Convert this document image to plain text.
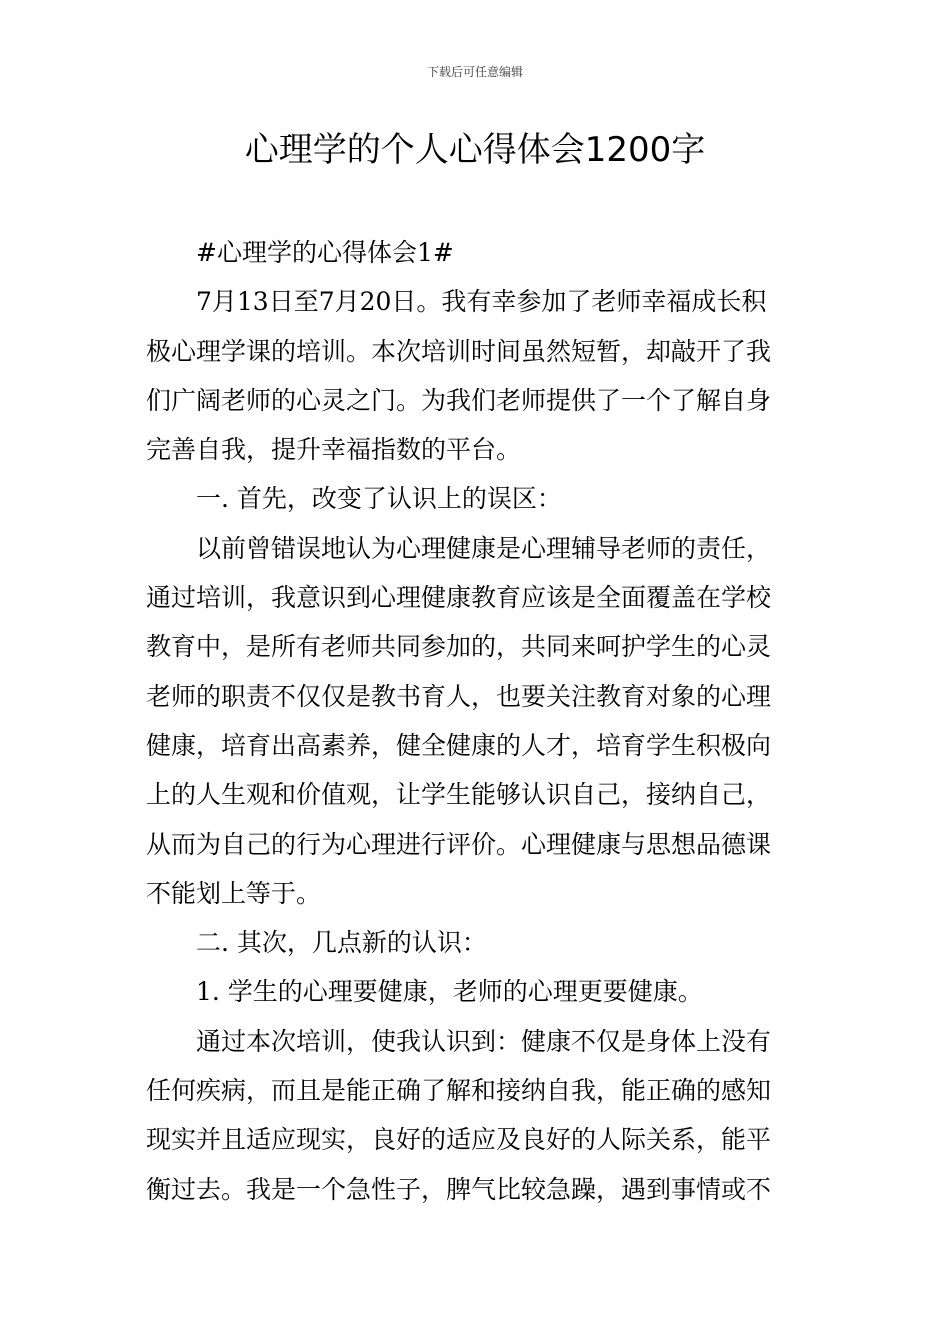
下载后可任意编辑
心理学的个人心得体会1200字

#心理学的心得体会1#

7月13日至7月20日。我有幸参加了老师幸福成长积
极心理学课的培训。本次培训时间虽然短暂，却敲开了我
们广阔老师的心灵之门。为我们老师提供了一个了解自身
完善自我，提升幸福指数的平台。

一. 首先，改变了认识上的误区：

以前曾错误地认为心理健康是心理辅导老师的责任，
通过培训，我意识到心理健康教育应该是全面覆盖在学校
教育中，是所有老师共同参加的，共同来呵护学生的心灵
老师的职责不仅仅是教书育人，也要关注教育对象的心理
健康，培育出高素养，健全健康的人才，培育学生积极向
上的人生观和价值观，让学生能够认识自己，接纳自己，
从而为自己的行为心理进行评价。心理健康与思想品德课
不能划上等于。

二. 其次，几点新的认识：

1. 学生的心理要健康，老师的心理更要健康。

通过本次培训，使我认识到：健康不仅是身体上没有
任何疾病，而且是能正确了解和接纳自我，能正确的感知
现实并且适应现实，良好的适应及良好的人际关系，能平
衡过去。我是一个急性子，脾气比较急躁，遇到事情或不
